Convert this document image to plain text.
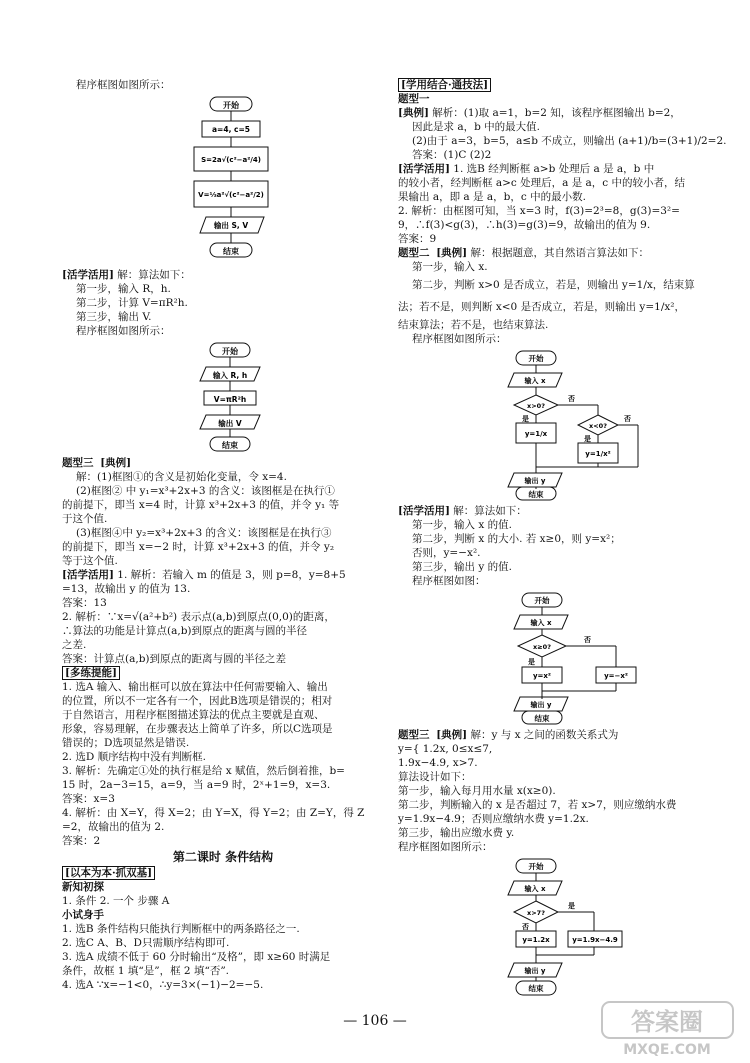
程序框图如图所示：
开始
a=4, c=5
S=2a√(c²−a²/4)
V=⅓a²√(c²−a²/2)
输出 S, V
结束
[活学活用] 解：算法如下：
第一步，输入 R，h.
第二步，计算 V=πR²h.
第三步，输出 V.
程序框图如图所示：
开始
输入 R, h
V=πR²h
输出 V
结束
题型三 [典例]
解：(1)框图①的含义是初始化变量，令 x=4.
(2)框图② 中 y₁=x³+2x+3 的含义：该图框是在执行①
的前提下，即当 x=4 时，计算 x³+2x+3 的值，并令 y₁ 等
于这个值.
(3)框图④中 y₂=x³+2x+3 的含义：该图框是在执行③
的前提下，即当 x=−2 时，计算 x³+2x+3 的值，并令 y₂
等于这个值.
[活学活用] 1. 解析：若输入 m 的值是 3，则 p=8，y=8+5
=13，故输出 y 的值为 13.
答案：13
2. 解析：∵x=√(a²+b²) 表示点(a,b)到原点(0,0)的距离，
∴算法的功能是计算点(a,b)到原点的距离与圆的半径
之差.
答案：计算点(a,b)到原点的距离与圆的半径之差
[多练提能]
1. 选A 输入、输出框可以放在算法中任何需要输入、输出
的位置，所以不一定各有一个，因此B选项是错误的；相对
于自然语言，用程序框图描述算法的优点主要就是直观、
形象，容易理解，在步骤表达上简单了许多，所以C选项是
错误的；D选项显然是错误.
2. 选D 顺序结构中没有判断框.
3. 解析：先确定①处的执行框是给 x 赋值，然后倒着推，b=
15 时，2a−3=15，a=9，当 a=9 时，2ˣ+1=9，x=3.
答案：x=3
4. 解析：由 X=Y，得 X=2；由 Y=X，得 Y=2；由 Z=Y，得 Z
=2，故输出的值为 2.
答案：2
第二课时 条件结构
[以本为本·抓双基]
新知初探
1. 条件 2. 一个 步骤 A
小试身手
1. 选B 条件结构只能执行判断框中的两条路径之一.
2. 选C A、B、D只需顺序结构即可.
3. 选A 成绩不低于 60 分时输出“及格”，即 x≥60 时满足
条件，故框 1 填“是”，框 2 填“否”.
4. 选A ∵x=−1<0，∴y=3×(−1)−2=−5.
[学用结合·通技法]
题型一
[典例] 解析：(1)取 a=1，b=2 知，该程序框图输出 b=2，
因此是求 a，b 中的最大值.
(2)由于 a=3，b=5，a≤b 不成立，则输出 (a+1)/b=(3+1)/2=2.
答案：(1)C (2)2
[活学活用] 1. 选B 经判断框 a>b 处理后 a 是 a，b 中
的较小者，经判断框 a>c 处理后，a 是 a，c 中的较小者，结
果输出 a，即 a 是 a，b，c 中的最小数.
2. 解析：由框图可知，当 x=3 时，f(3)=2³=8，g(3)=3²=
9，∴f(3)<g(3)，∴h(3)=g(3)=9，故输出的值为 9.
答案：9
题型二 [典例] 解：根据题意，其自然语言算法如下：
第一步，输入 x.
第二步，判断 x>0 是否成立，若是，则输出 y=1/x，结束算
法；若不是，则判断 x<0 是否成立，若是，则输出 y=1/x²，
结束算法；若不是，也结束算法.
程序框图如图所示：
开始
输入 x
x>0?
x<0?
否
否
是
是
y=1/x
y=1/x²
输出 y
结束
[活学活用] 解：算法如下：
第一步，输入 x 的值.
第二步，判断 x 的大小. 若 x≥0，则 y=x²；
否则，y=−x².
第三步，输出 y 的值.
程序框图如图：
开始
输入 x
x≥0?
否
是
y=x²	y=−x²
输出 y
结束
题型三 [典例] 解：y 与 x 之间的函数关系式为
y={ 1.2x, 0≤x≤7,
1.9x−4.9, x>7.
算法设计如下：
第一步，输入每月用水量 x(x≥0).
第二步，判断输入的 x 是否超过 7，若 x>7，则应缴纳水费
y=1.9x−4.9；否则应缴纳水费 y=1.2x.
第三步，输出应缴水费 y.
程序框图如图所示：
开始
输入 x
x>7?
是
否
y=1.2x	y=1.9x−4.9
输出 y
结束
— 106 —	答案圈
MXQE.COM
